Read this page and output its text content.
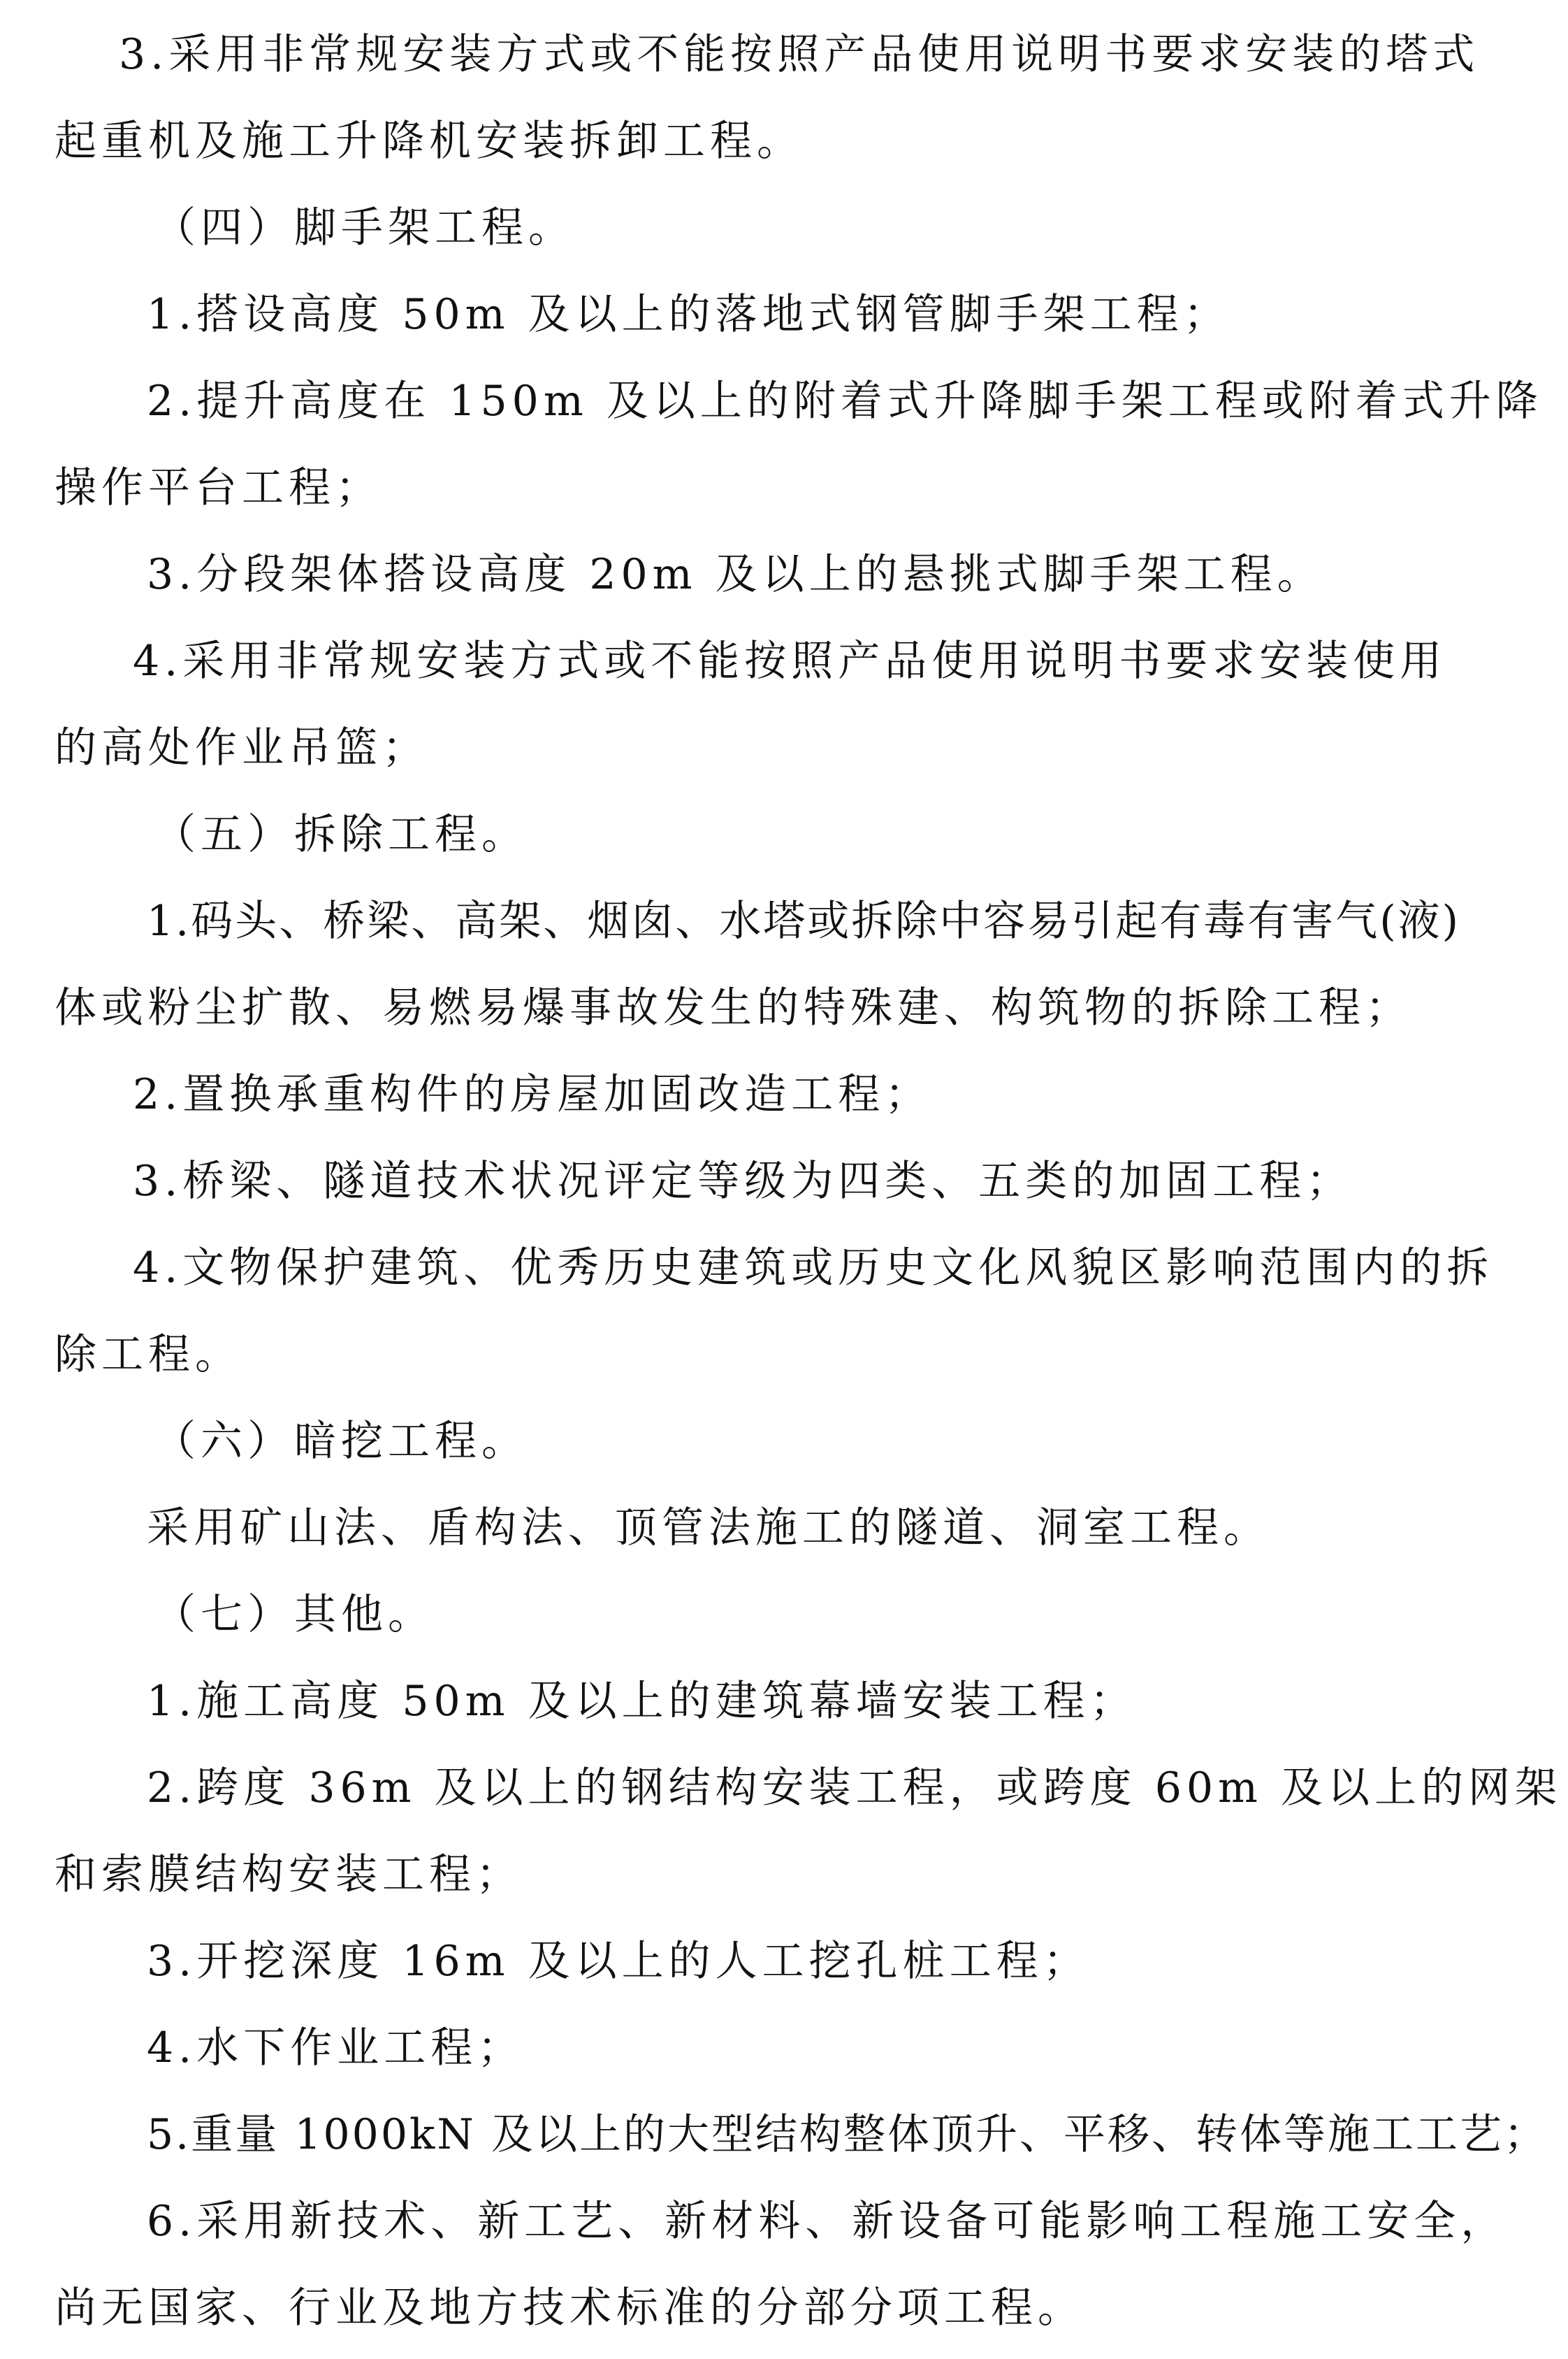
3.采用非常规安装方式或不能按照产品使用说明书要求安装的塔式
起重机及施工升降机安装拆卸工程。
（四）脚手架工程。
1.搭设高度 50m 及以上的落地式钢管脚手架工程；
2.提升高度在 150m 及以上的附着式升降脚手架工程或附着式升降
操作平台工程；
3.分段架体搭设高度 20m 及以上的悬挑式脚手架工程。
4.采用非常规安装方式或不能按照产品使用说明书要求安装使用
的高处作业吊篮；
（五）拆除工程。
1.码头、桥梁、高架、烟囱、水塔或拆除中容易引起有毒有害气(液)
体或粉尘扩散、易燃易爆事故发生的特殊建、构筑物的拆除工程；
2.置换承重构件的房屋加固改造工程；
3.桥梁、隧道技术状况评定等级为四类、五类的加固工程；
4.文物保护建筑、优秀历史建筑或历史文化风貌区影响范围内的拆
除工程。
（六）暗挖工程。
采用矿山法、盾构法、顶管法施工的隧道、洞室工程。
（七）其他。
1.施工高度 50m 及以上的建筑幕墙安装工程；
2.跨度 36m 及以上的钢结构安装工程，或跨度 60m 及以上的网架
和索膜结构安装工程；
3.开挖深度 16m 及以上的人工挖孔桩工程；
4.水下作业工程；
5.重量 1000kN 及以上的大型结构整体顶升、平移、转体等施工工艺；
6.采用新技术、新工艺、新材料、新设备可能影响工程施工安全，
尚无国家、行业及地方技术标准的分部分项工程。
